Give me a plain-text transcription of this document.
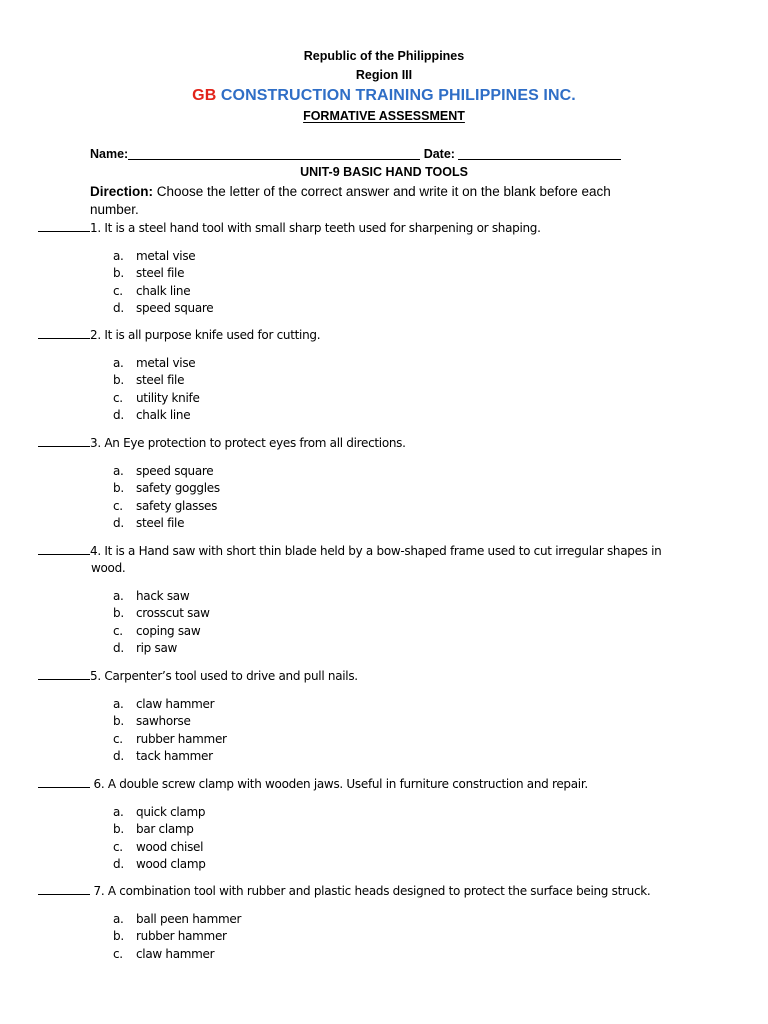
Republic of the Philippines
Region III
GB CONSTRUCTION TRAINING PHILIPPINES INC.
FORMATIVE ASSESSMENT
Name:	Date:
UNIT-9 BASIC HAND TOOLS
Direction: Choose the letter of the correct answer and write it on the blank before each number.
1. It is a steel hand tool with small sharp teeth used for sharpening or shaping.
a.	metal vise
b.	steel file
c.	chalk line
d.	speed square
2. It is all purpose knife used for cutting.
a.	metal vise
b.	steel file
c.	utility knife
d.	chalk line
3. An Eye protection to protect eyes from all directions.
a.	speed square
b.	safety goggles
c.	safety glasses
d.	steel file
4. It is a Hand saw with short thin blade held by a bow-shaped frame used to cut irregular shapes in
wood.
a.	hack saw
b.	crosscut saw
c.	coping saw
d.	rip saw
5. Carpenter’s tool used to drive and pull nails.
a.	claw hammer
b.	sawhorse
c.	rubber hammer
d.	tack hammer
6. A double screw clamp with wooden jaws. Useful in furniture construction and repair.
a.	quick clamp
b.	bar clamp
c.	wood chisel
d.	wood clamp
7. A combination tool with rubber and plastic heads designed to protect the surface being struck.
a.	ball peen hammer
b.	rubber hammer
c.	claw hammer
